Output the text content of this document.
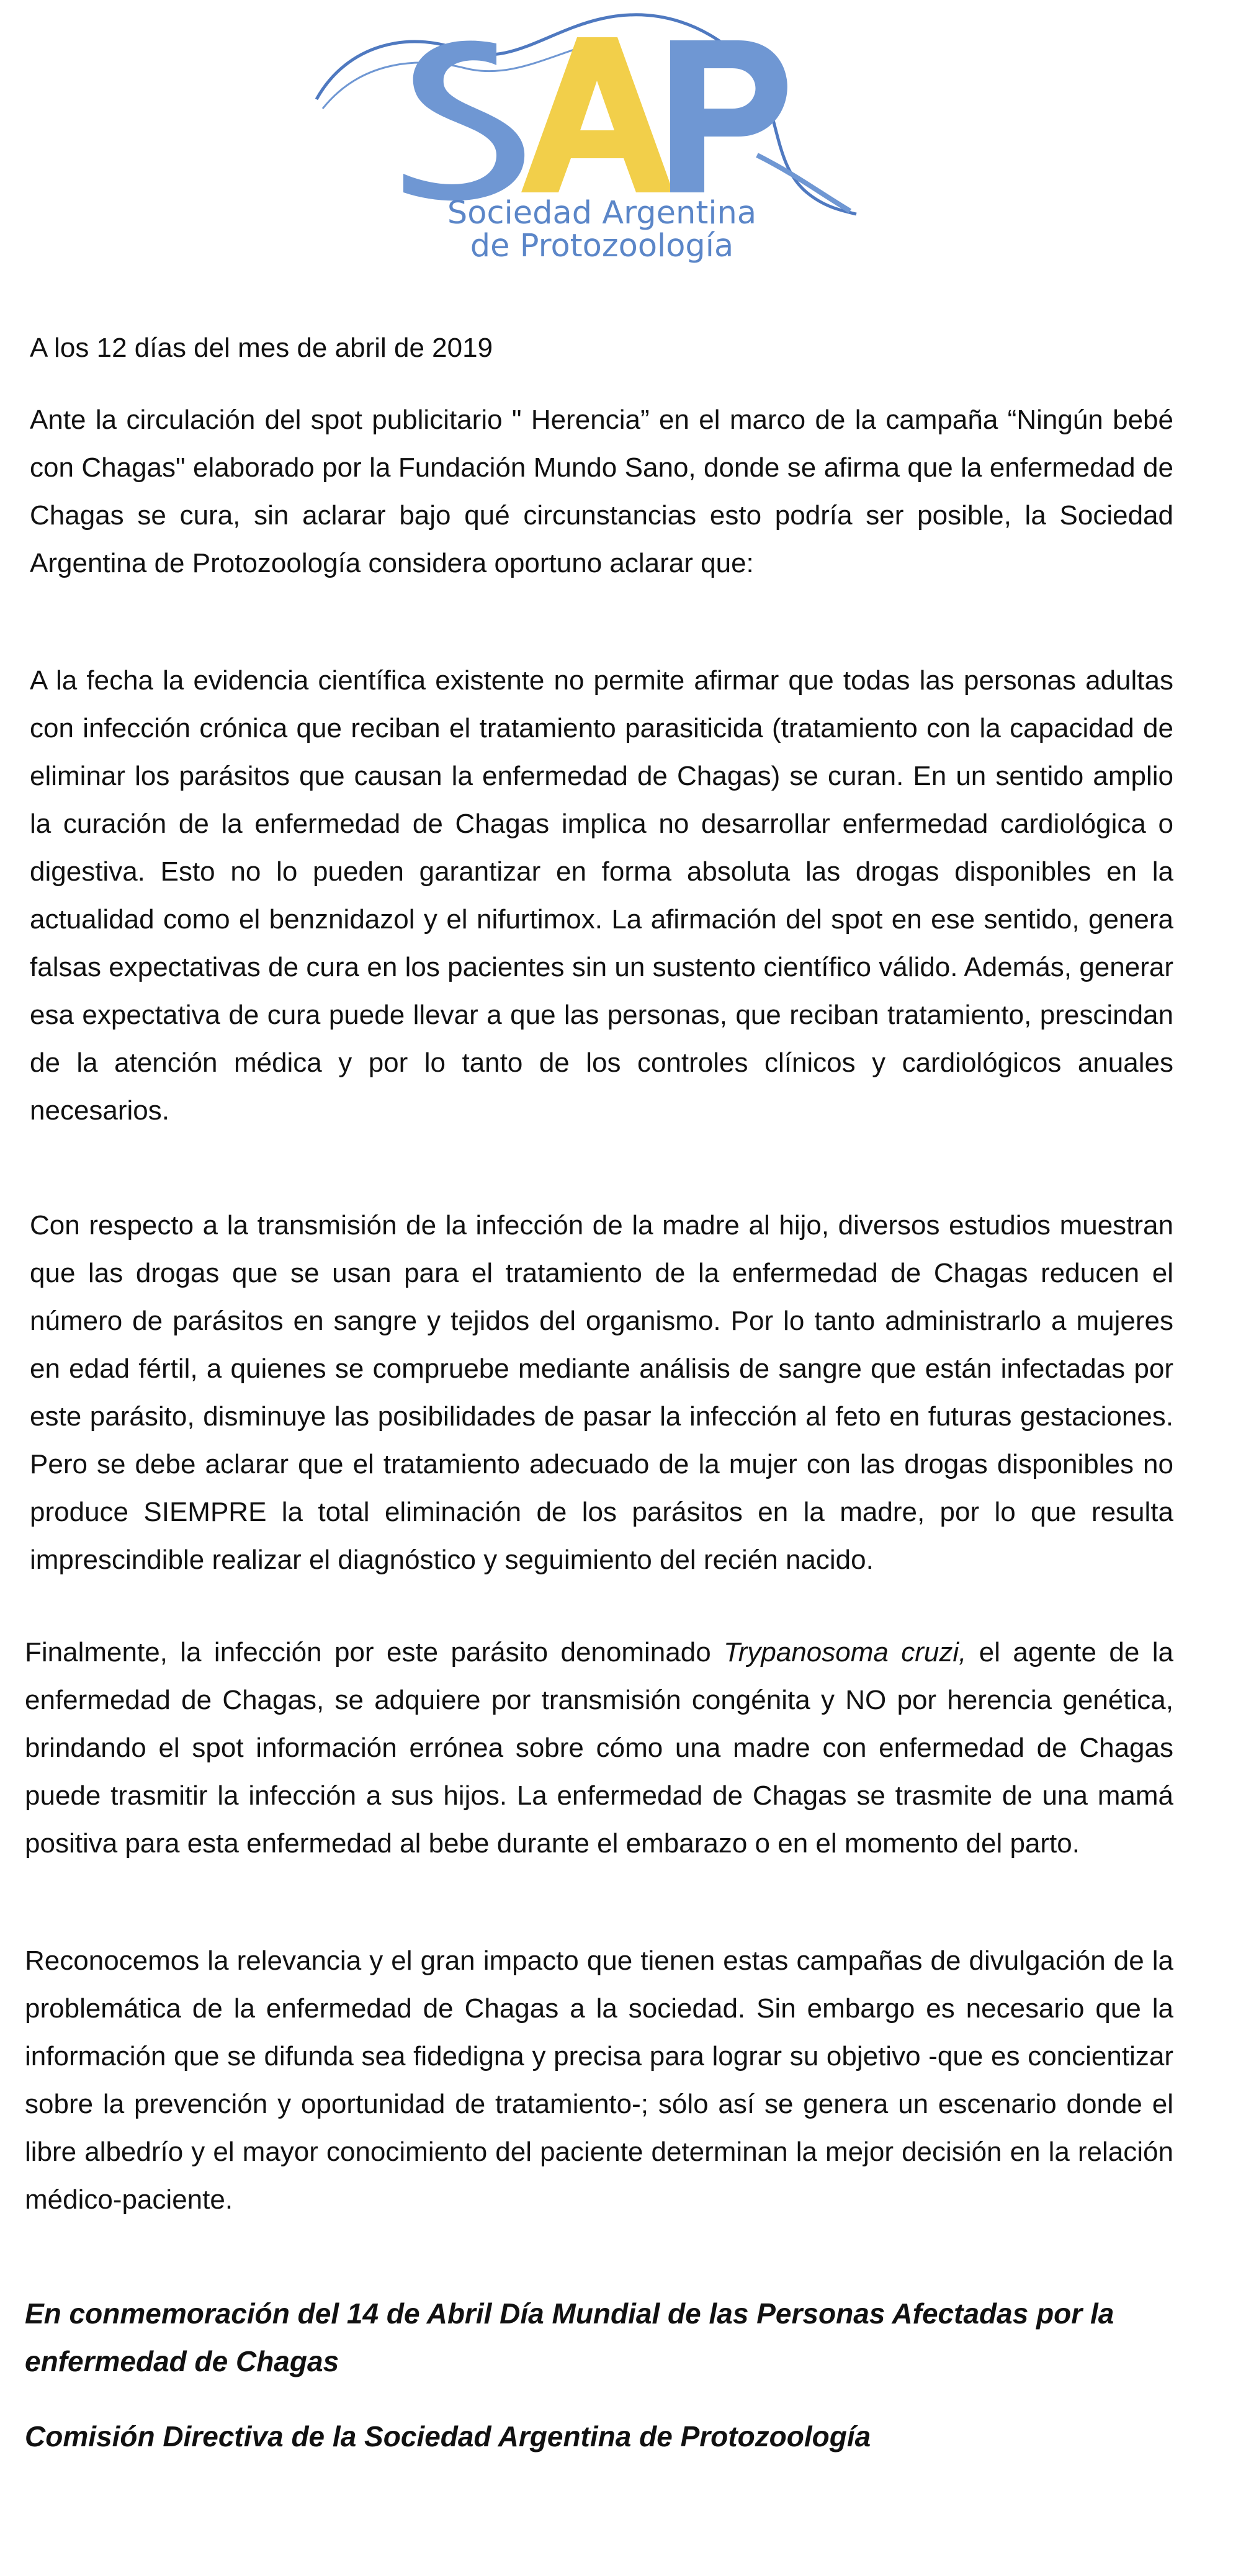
Sociedad Argentina
de Protozoología

A los 12 días del mes de abril de 2019

Ante la circulación del spot publicitario " Herencia” en el marco de la campaña “Ningún bebé con Chagas" elaborado por la Fundación Mundo Sano, donde se afirma que la enfermedad de Chagas se cura, sin aclarar bajo qué circunstancias esto podría ser posible, la Sociedad Argentina de Protozoología considera oportuno aclarar que:

A la fecha la evidencia científica existente no permite afirmar que todas las personas adultas con infección crónica que reciban el tratamiento parasiticida (tratamiento con la capacidad de eliminar los parásitos que causan la enfermedad de Chagas) se curan. En un sentido amplio la curación de la enfermedad de Chagas implica no desarrollar enfermedad cardiológica o digestiva. Esto no lo pueden garantizar en forma absoluta las drogas disponibles en la actualidad como el benznidazol y el nifurtimox. La afirmación del spot en ese sentido, genera falsas expectativas de cura en los pacientes sin un sustento científico válido. Además, generar esa expectativa de cura puede llevar a que las personas, que reciban tratamiento, prescindan de la atención médica y por lo tanto de los controles clínicos y cardiológicos anuales necesarios.

Con respecto a la transmisión de la infección de la madre al hijo, diversos estudios muestran que las drogas que se usan para el tratamiento de la enfermedad de Chagas reducen el número de parásitos en sangre y tejidos del organismo. Por lo tanto administrarlo a mujeres en edad fértil, a quienes se compruebe mediante análisis de sangre que están infectadas por este parásito, disminuye las posibilidades de pasar la infección al feto en futuras gestaciones. Pero se debe aclarar que el tratamiento adecuado de la mujer con las drogas disponibles no produce SIEMPRE la total eliminación de los parásitos en la madre, por lo que resulta imprescindible realizar el diagnóstico y seguimiento del recién nacido.

Finalmente, la infección por este parásito denominado Trypanosoma cruzi, el agente de la enfermedad de Chagas, se adquiere por transmisión congénita y NO por herencia genética, brindando el spot información errónea sobre cómo una madre con enfermedad de Chagas puede trasmitir la infección a sus hijos. La enfermedad de Chagas se trasmite de una mamá positiva para esta enfermedad al bebe durante el embarazo o en el momento del parto.

Reconocemos la relevancia y el gran impacto que tienen estas campañas de divulgación de la problemática de la enfermedad de Chagas a la sociedad. Sin embargo es necesario que la información que se difunda sea fidedigna y precisa para lograr su objetivo -que es concientizar sobre la prevención y oportunidad de tratamiento-; sólo así se genera un escenario donde el libre albedrío y el mayor conocimiento del paciente determinan la mejor decisión en la relación médico-paciente.

En conmemoración del 14 de Abril Día Mundial de las Personas Afectadas por la enfermedad de Chagas

Comisión Directiva de la Sociedad Argentina de Protozoología
